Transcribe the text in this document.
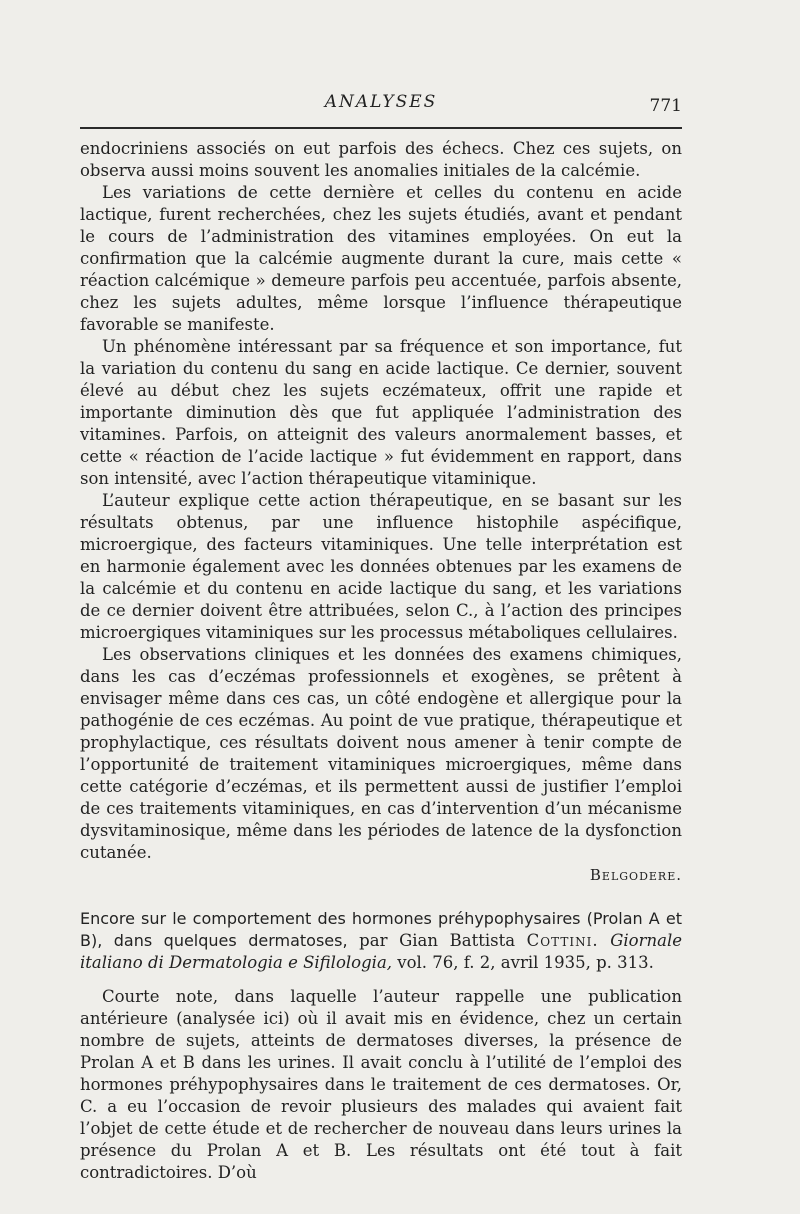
ANALYSES	771

endocriniens associés on eut parfois des échecs. Chez ces sujets, on observa aussi moins souvent les anomalies initiales de la calcémie.

Les variations de cette dernière et celles du contenu en acide lactique, furent recherchées, chez les sujets étudiés, avant et pendant le cours de l’administration des vitamines employées. On eut la confirmation que la calcémie augmente durant la cure, mais cette « réaction calcémique » demeure parfois peu accentuée, parfois absente, chez les sujets adultes, même lorsque l’influence thérapeutique favorable se manifeste.

Un phénomène intéressant par sa fréquence et son importance, fut la variation du contenu du sang en acide lactique. Ce dernier, souvent élevé au début chez les sujets eczémateux, offrit une rapide et importante diminution dès que fut appliquée l’administration des vitamines. Parfois, on atteignit des valeurs anormalement basses, et cette « réaction de l’acide lactique » fut évidemment en rapport, dans son intensité, avec l’action thérapeutique vitaminique.

L’auteur explique cette action thérapeutique, en se basant sur les résultats obtenus, par une influence histophile aspécifique, microergique, des facteurs vitaminiques. Une telle interprétation est en harmonie également avec les données obtenues par les examens de la calcémie et du contenu en acide lactique du sang, et les variations de ce dernier doivent être attribuées, selon C., à l’action des principes microergiques vitaminiques sur les processus métaboliques cellulaires.

Les observations cliniques et les données des examens chimiques, dans les cas d’eczémas professionnels et exogènes, se prêtent à envisager même dans ces cas, un côté endogène et allergique pour la pathogénie de ces eczémas. Au point de vue pratique, thérapeutique et prophylactique, ces résultats doivent nous amener à tenir compte de l’opportunité de traitement vitaminiques microergiques, même dans cette catégorie d’eczémas, et ils permettent aussi de justifier l’emploi de ces traitements vitaminiques, en cas d’intervention d’un mécanisme dysvitaminosique, même dans les périodes de latence de la dysfonction cutanée.

Belgodere.

Encore sur le comportement des hormones préhypophysaires (Prolan A et B), dans quelques dermatoses, par Gian Battista Cottini. Giornale italiano di Dermatologia e Sifilologia, vol. 76, f. 2, avril 1935, p. 313.

Courte note, dans laquelle l’auteur rappelle une publication antérieure (analysée ici) où il avait mis en évidence, chez un certain nombre de sujets, atteints de dermatoses diverses, la présence de Prolan A et B dans les urines. Il avait conclu à l’utilité de l’emploi des hormones préhypophysaires dans le traitement de ces dermatoses. Or, C. a eu l’occasion de revoir plusieurs des malades qui avaient fait l’objet de cette étude et de rechercher de nouveau dans leurs urines la présence du Prolan A et B. Les résultats ont été tout à fait contradictoires. D’où
